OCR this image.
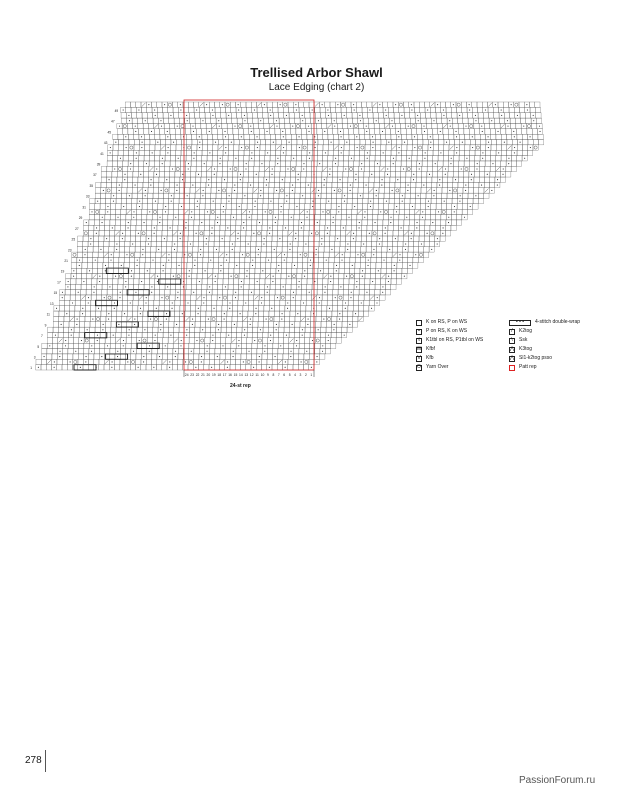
Trellised Arbor Shawl
Lace Edging (chart 2)
1
3
5
7
9
11
13
15
17
19
21
23
25
27
29
31
33
35
37
39
41
43
45
47
49
24 23 22 21 20 19 18 17 16 15 14 13 12 11 10 9 8 7 6 5 4 3 2 1
24-st rep
K on RS, P on WS
•	P on RS, K on WS
ℓ	K1tbl on RS, P1tbl on WS
W Kfbf
V Kfb
O Yarn Over
• • •	4-stitch double-wrap
/	K2tog
\	Ssk
⋀ K3tog
⋀ Sl1-k2tog psso
Patt rep
278
PassionForum.ru
